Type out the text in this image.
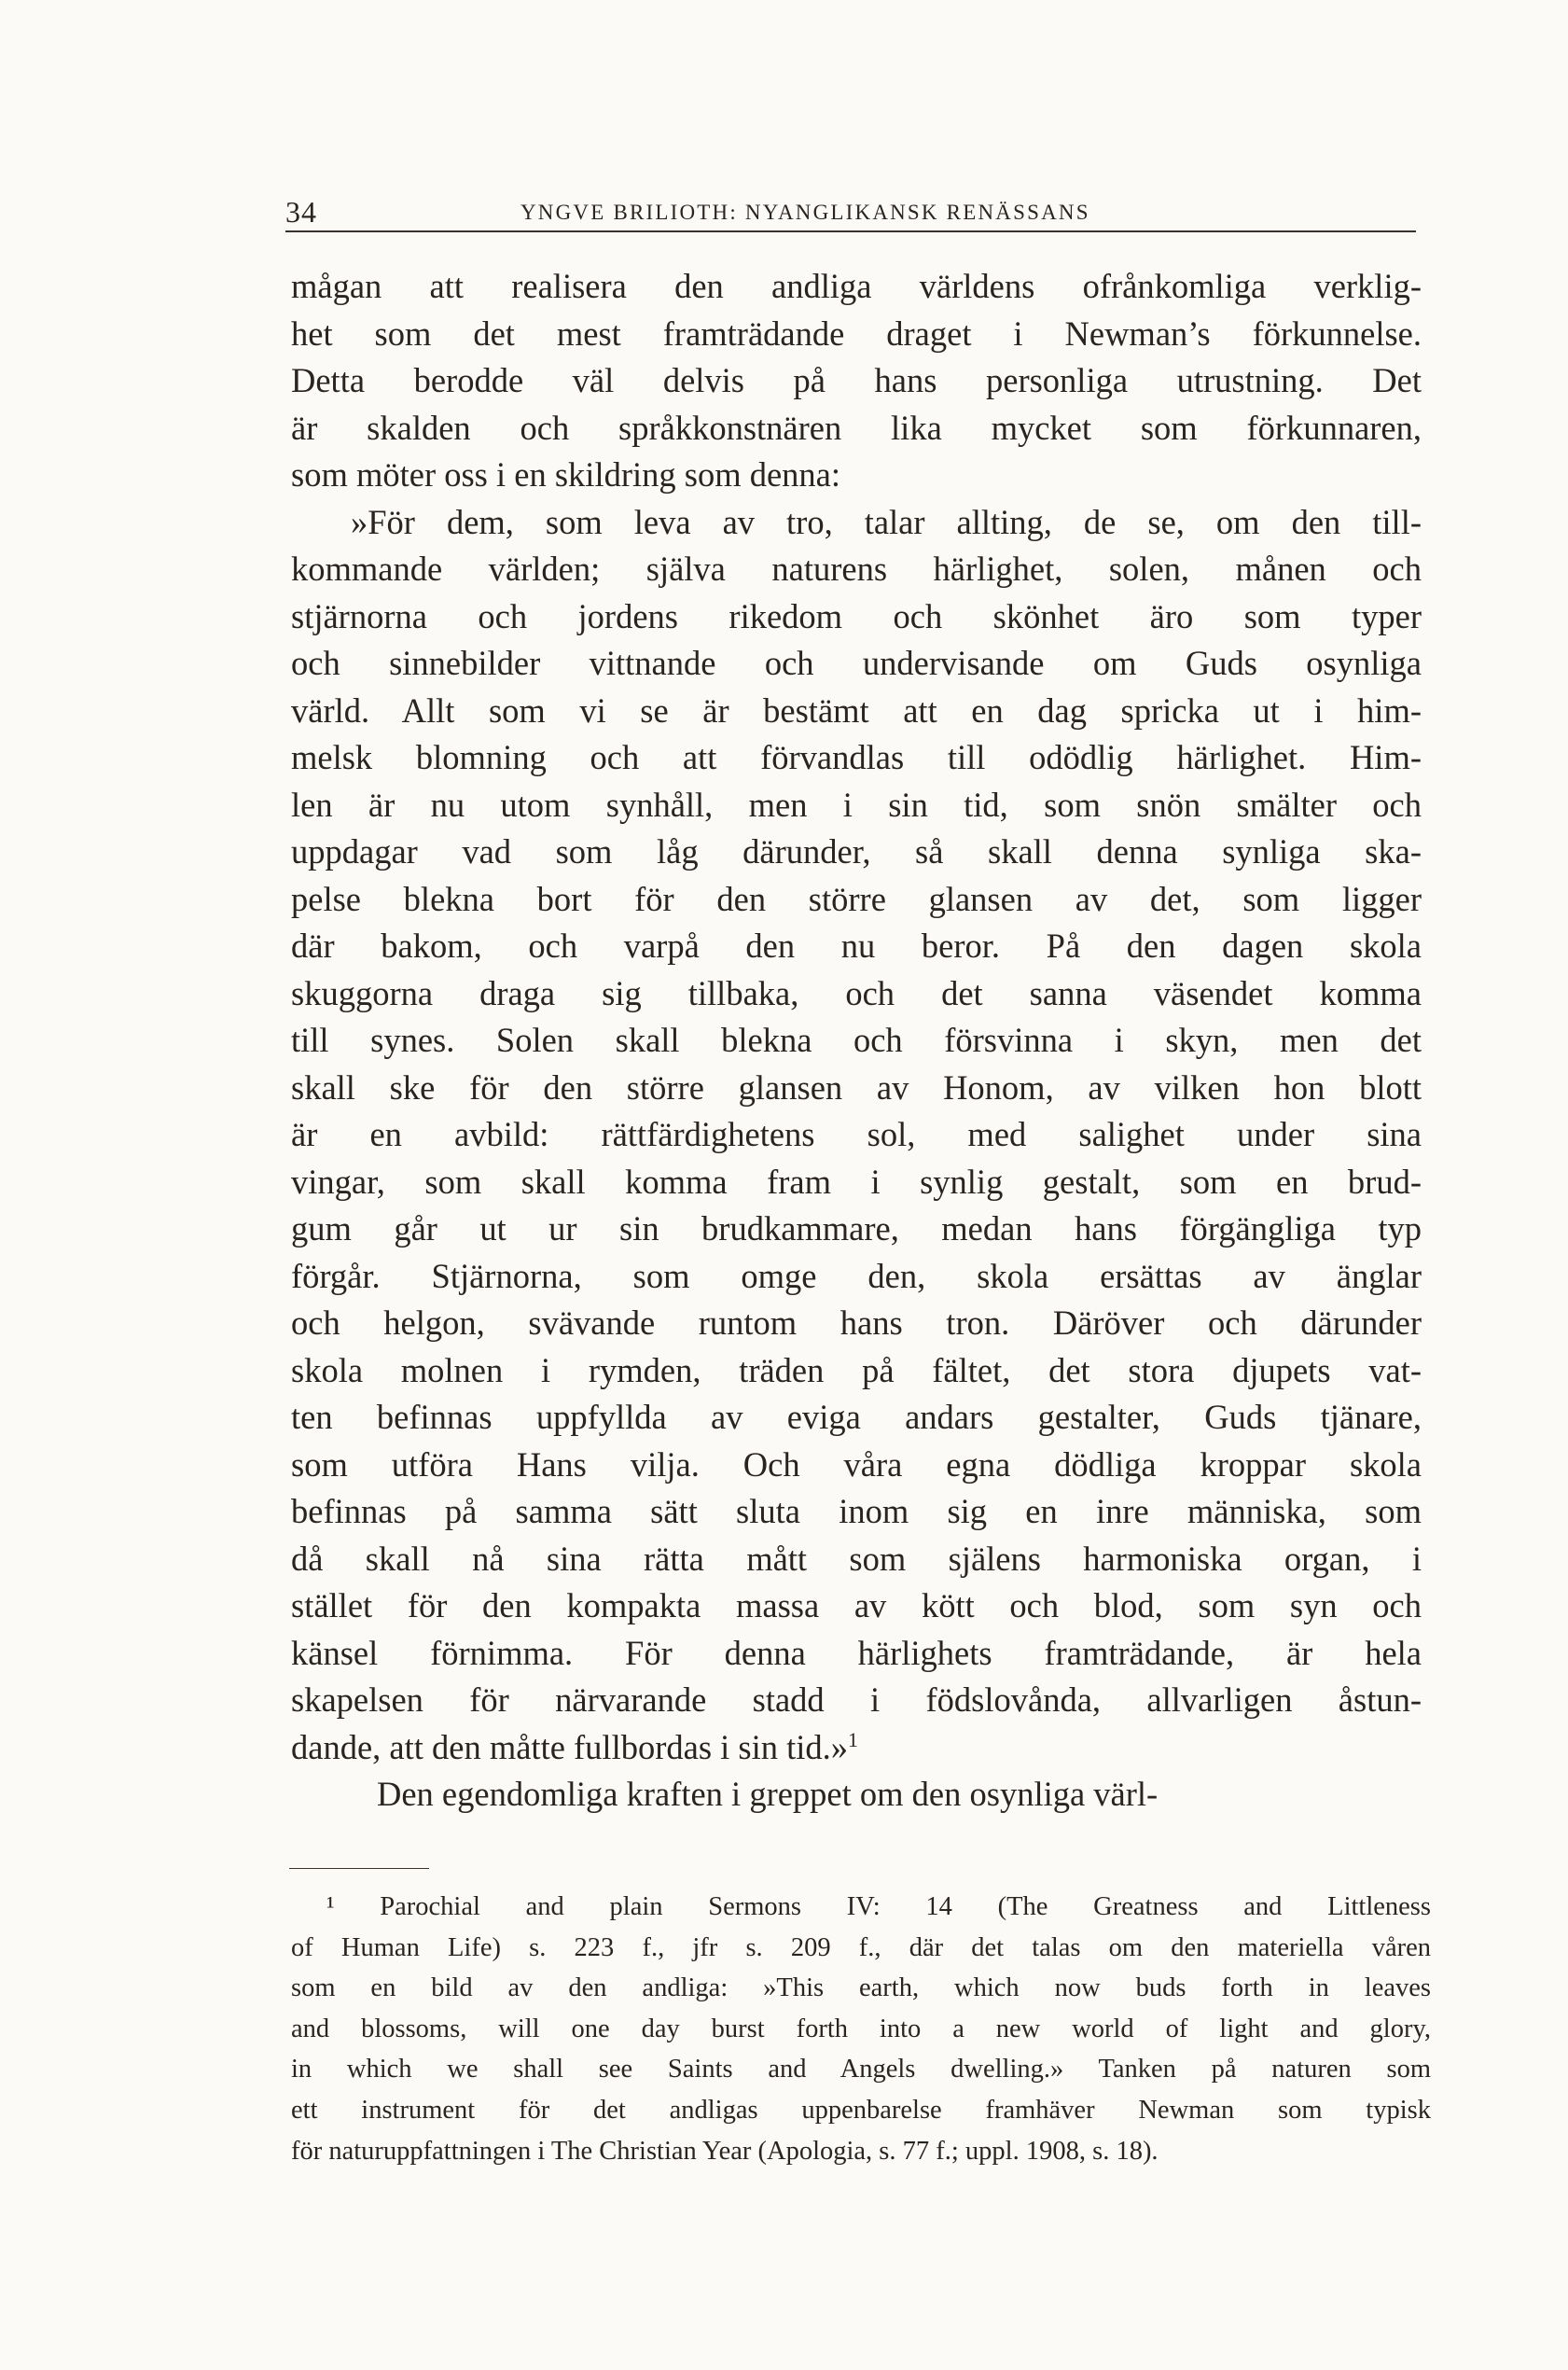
34	YNGVE BRILIOTH: NYANGLIKANSK RENÄSSANS
mågan att realisera den andliga världens ofrånkomliga verklig-
het som det mest framträdande draget i Newman’s förkunnelse.
Detta berodde väl delvis på hans personliga utrustning. Det
är skalden och språkkonstnären lika mycket som förkunnaren,
som möter oss i en skildring som denna:
»För dem, som leva av tro, talar allting, de se, om den till-
kommande världen; själva naturens härlighet, solen, månen och
stjärnorna och jordens rikedom och skönhet äro som typer
och sinnebilder vittnande och undervisande om Guds osynliga
värld. Allt som vi se är bestämt att en dag spricka ut i him-
melsk blomning och att förvandlas till odödlig härlighet. Him-
len är nu utom synhåll, men i sin tid, som snön smälter och
uppdagar vad som låg därunder, så skall denna synliga ska-
pelse blekna bort för den större glansen av det, som ligger
där bakom, och varpå den nu beror. På den dagen skola
skuggorna draga sig tillbaka, och det sanna väsendet komma
till synes. Solen skall blekna och försvinna i skyn, men det
skall ske för den större glansen av Honom, av vilken hon blott
är en avbild: rättfärdighetens sol, med salighet under sina
vingar, som skall komma fram i synlig gestalt, som en brud-
gum går ut ur sin brudkammare, medan hans förgängliga typ
förgår. Stjärnorna, som omge den, skola ersättas av änglar
och helgon, svävande runtom hans tron. Däröver och därunder
skola molnen i rymden, träden på fältet, det stora djupets vat-
ten befinnas uppfyllda av eviga andars gestalter, Guds tjänare,
som utföra Hans vilja. Och våra egna dödliga kroppar skola
befinnas på samma sätt sluta inom sig en inre människa, som
då skall nå sina rätta mått som själens harmoniska organ, i
stället för den kompakta massa av kött och blod, som syn och
känsel förnimma. För denna härlighets framträdande, är hela
skapelsen för närvarande stadd i födslovånda, allvarligen åstun-
dande, att den måtte fullbordas i sin tid.»$^1$
Den egendomliga kraften i greppet om den osynliga värl-
¹ Parochial and plain Sermons IV: 14 (The Greatness and Littleness
of Human Life) s. 223 f., jfr s. 209 f., där det talas om den materiella våren
som en bild av den andliga: »This earth, which now buds forth in leaves
and blossoms, will one day burst forth into a new world of light and glory,
in which we shall see Saints and Angels dwelling.» Tanken på naturen som
ett instrument för det andligas uppenbarelse framhäver Newman som typisk
för naturuppfattningen i The Christian Year (Apologia, s. 77 f.; uppl. 1908, s. 18).
